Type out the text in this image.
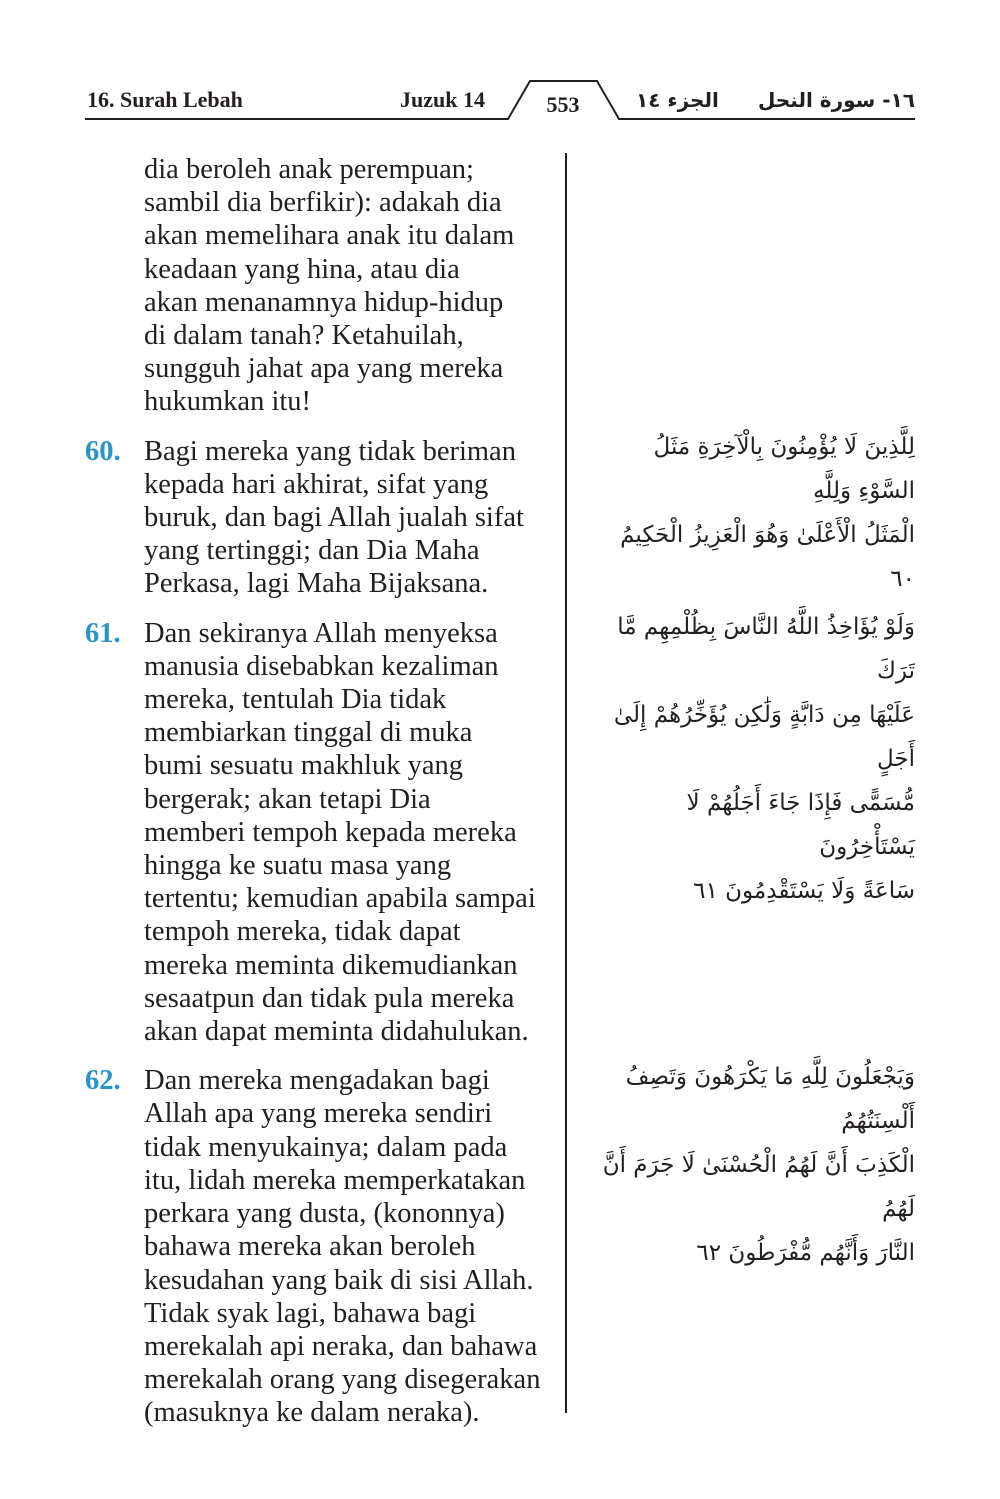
16. Surah Lebah	Juzuk 14	553	الجزء ١٤ ١٦- سورة النحل
dia beroleh anak perempuan;
sambil dia berfikir): adakah dia
akan memelihara anak itu dalam
keadaan yang hina, atau dia
akan menanamnya hidup-hidup
di dalam tanah? Ketahuilah,
sungguh jahat apa yang mereka
hukumkan itu!
60. Bagi mereka yang tidak beriman
kepada hari akhirat, sifat yang
buruk, dan bagi Allah jualah sifat
yang tertinggi; dan Dia Maha
Perkasa, lagi Maha Bijaksana.
61. Dan sekiranya Allah menyeksa
manusia disebabkan kezaliman
mereka, tentulah Dia tidak
membiarkan tinggal di muka
bumi sesuatu makhluk yang
bergerak; akan tetapi Dia
memberi tempoh kepada mereka
hingga ke suatu masa yang
tertentu; kemudian apabila sampai
tempoh mereka, tidak dapat
mereka meminta dikemudiankan
sesaatpun dan tidak pula mereka
akan dapat meminta didahulukan.
62. Dan mereka mengadakan bagi
Allah apa yang mereka sendiri
tidak menyukainya; dalam pada
itu, lidah mereka memperkatakan
perkara yang dusta, (kononnya)
bahawa mereka akan beroleh
kesudahan yang baik di sisi Allah.
Tidak syak lagi, bahawa bagi
merekalah api neraka, dan bahawa
merekalah orang yang disegerakan
(masuknya ke dalam neraka).
لِلَّذِينَ لَا يُؤْمِنُونَ بِالْآخِرَةِ مَثَلُ السَّوْءِ وَلِلَّهِ
الْمَثَلُ الْأَعْلَىٰ وَهُوَ الْعَزِيزُ الْحَكِيمُ ٦٠
وَلَوْ يُؤَاخِذُ اللَّهُ النَّاسَ بِظُلْمِهِم مَّا تَرَكَ
عَلَيْهَا مِن دَابَّةٍ وَلَٰكِن يُؤَخِّرُهُمْ إِلَىٰ أَجَلٍ
مُّسَمًّى فَإِذَا جَاءَ أَجَلُهُمْ لَا يَسْتَأْخِرُونَ
سَاعَةً وَلَا يَسْتَقْدِمُونَ ٦١
وَيَجْعَلُونَ لِلَّهِ مَا يَكْرَهُونَ وَتَصِفُ أَلْسِنَتُهُمُ
الْكَذِبَ أَنَّ لَهُمُ الْحُسْنَىٰ لَا جَرَمَ أَنَّ لَهُمُ
النَّارَ وَأَنَّهُم مُّفْرَطُونَ ٦٢
